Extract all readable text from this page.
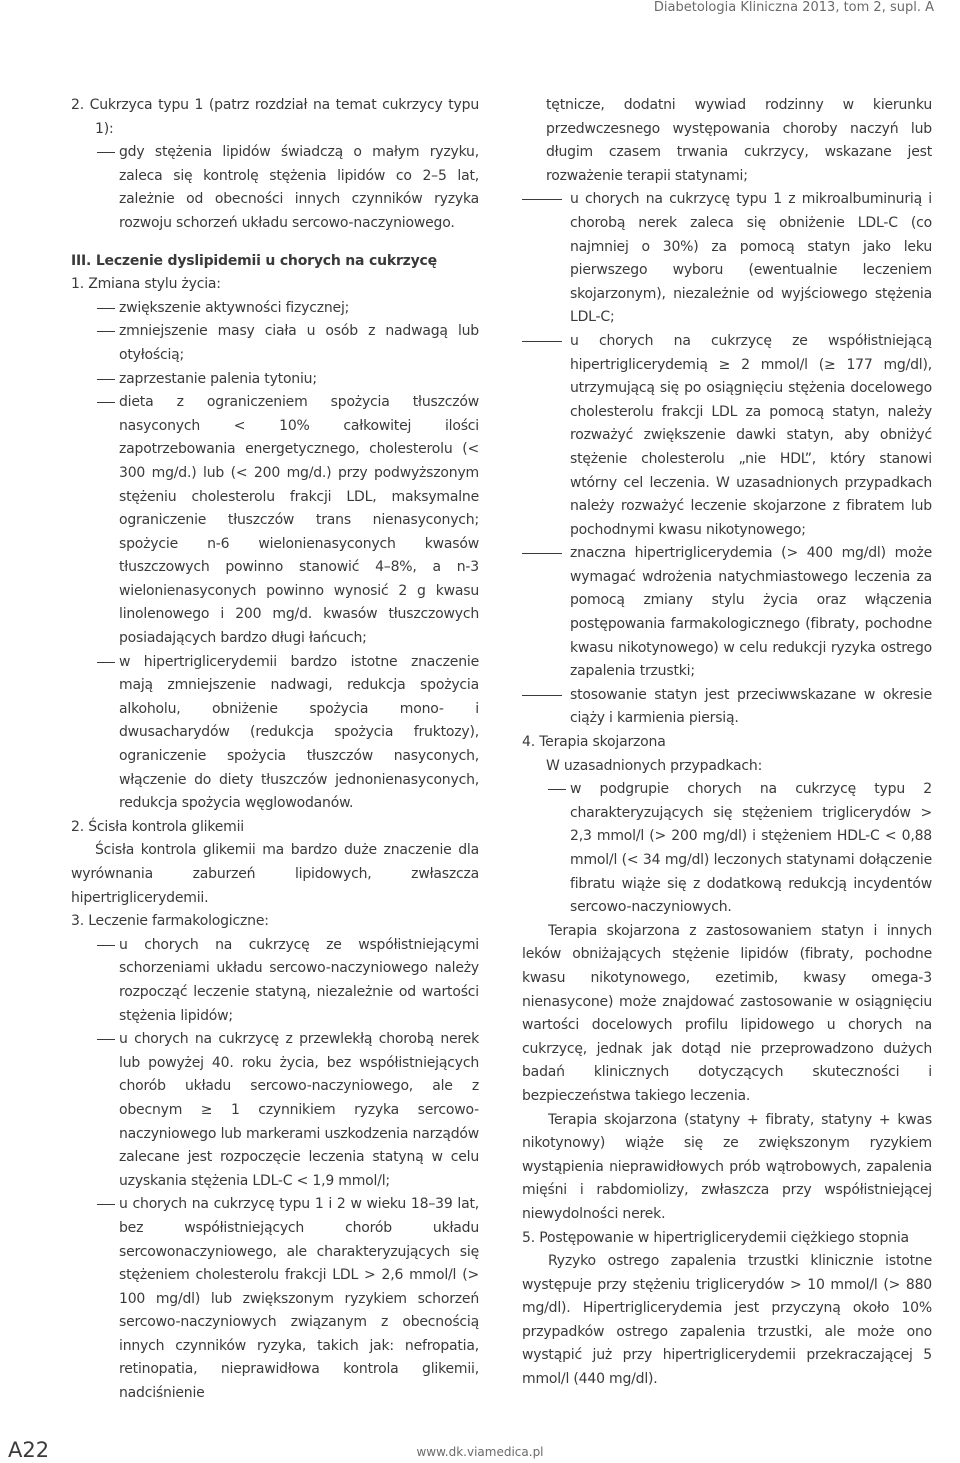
Diabetologia Kliniczna 2013, tom 2, supl. A

2. Cukrzyca typu 1 (patrz rozdział na temat cukrzycy typu 1):

gdy stężenia lipidów świadczą o małym ryzyku, zaleca się kontrolę stężenia lipidów co 2–5 lat, zależnie od obecności innych czynników ryzyka rozwoju schorzeń układu sercowo-naczyniowego.

III. Leczenie dyslipidemii u chorych na cukrzycę

1. Zmiana stylu życia:

zwiększenie aktywności fizycznej;

zmniejszenie masy ciała u osób z nadwagą lub otyłością;

zaprzestanie palenia tytoniu;

dieta z ograniczeniem spożycia tłuszczów nasyconych < 10% całkowitej ilości zapotrzebowania energetycznego, cholesterolu (< 300 mg/d.) lub (< 200 mg/d.) przy podwyższonym stężeniu cholesterolu frakcji LDL, maksymalne ograniczenie tłuszczów trans nienasyconych; spożycie n-6 wielonienasyconych kwasów tłuszczowych powinno stanowić 4–8%, a n-3 wielonienasyconych powinno wynosić 2 g kwasu linolenowego i 200 mg/d. kwasów tłuszczowych posiadających bardzo długi łańcuch;

w hipertriglicerydemii bardzo istotne znaczenie mają zmniejszenie nadwagi, redukcja spożycia alkoholu, obniżenie spożycia mono- i dwusacharydów (redukcja spożycia fruktozy), ograniczenie spożycia tłuszczów nasyconych, włączenie do diety tłuszczów jednonienasyconych, redukcja spożycia węglowodanów.

2. Ścisła kontrola glikemii

Ścisła kontrola glikemii ma bardzo duże znaczenie dla wyrównania zaburzeń lipidowych, zwłaszcza hipertriglicerydemii.

3. Leczenie farmakologiczne:

u chorych na cukrzycę ze współistniejącymi schorzeniami układu sercowo-naczyniowego należy rozpocząć leczenie statyną, niezależnie od wartości stężenia lipidów;

u chorych na cukrzycę z przewlekłą chorobą nerek lub powyżej 40. roku życia, bez współistniejących chorób układu sercowo-naczyniowego, ale z obecnym ≥ 1 czynnikiem ryzyka sercowo-naczyniowego lub markerami uszkodzenia narządów zalecane jest rozpoczęcie leczenia statyną w celu uzyskania stężenia LDL-C < 1,9 mmol/l;

u chorych na cukrzycę typu 1 i 2 w wieku 18–39 lat, bez współistniejących chorób układu sercowonaczyniowego, ale charakteryzujących się stężeniem cholesterolu frakcji LDL > 2,6 mmol/l (> 100 mg/dl) lub zwiększonym ryzykiem schorzeń sercowo-naczyniowych związanym z obecnością innych czynników ryzyka, takich jak: nefropatia, retinopatia, nieprawidłowa kontrola glikemii, nadciśnienie

tętnicze, dodatni wywiad rodzinny w kierunku przedwczesnego występowania choroby naczyń lub długim czasem trwania cukrzycy, wskazane jest rozważenie terapii statynami;

u chorych na cukrzycę typu 1 z mikroalbuminurią i chorobą nerek zaleca się obniżenie LDL-C (co najmniej o 30%) za pomocą statyn jako leku pierwszego wyboru (ewentualnie leczeniem skojarzonym), niezależnie od wyjściowego stężenia LDL-C;

u chorych na cukrzycę ze współistniejącą hipertriglicerydemią ≥ 2 mmol/l (≥ 177 mg/dl), utrzymującą się po osiągnięciu stężenia docelowego cholesterolu frakcji LDL za pomocą statyn, należy rozważyć zwiększenie dawki statyn, aby obniżyć stężenie cholesterolu „nie HDL”, który stanowi wtórny cel leczenia. W uzasadnionych przypadkach należy rozważyć leczenie skojarzone z fibratem lub pochodnymi kwasu nikotynowego;

znaczna hipertriglicerydemia (> 400 mg/dl) może wymagać wdrożenia natychmiastowego leczenia za pomocą zmiany stylu życia oraz włączenia postępowania farmakologicznego (fibraty, pochodne kwasu nikotynowego) w celu redukcji ryzyka ostrego zapalenia trzustki;

stosowanie statyn jest przeciwwskazane w okresie ciąży i karmienia piersią.

4. Terapia skojarzona

W uzasadnionych przypadkach:

w podgrupie chorych na cukrzycę typu 2 charakteryzujących się stężeniem triglicerydów > 2,3 mmol/l (> 200 mg/dl) i stężeniem HDL-C < 0,88 mmol/l (< 34 mg/dl) leczonych statynami dołączenie fibratu wiąże się z dodatkową redukcją incydentów sercowo-naczyniowych.

Terapia skojarzona z zastosowaniem statyn i innych leków obniżających stężenie lipidów (fibraty, pochodne kwasu nikotynowego, ezetimib, kwasy omega-3 nienasycone) może znajdować zastosowanie w osiągnięciu wartości docelowych profilu lipidowego u chorych na cukrzycę, jednak jak dotąd nie przeprowadzono dużych badań klinicznych dotyczących skuteczności i bezpieczeństwa takiego leczenia.

Terapia skojarzona (statyny + fibraty, statyny + kwas nikotynowy) wiąże się ze zwiększonym ryzykiem wystąpienia nieprawidłowych prób wątrobowych, zapalenia mięśni i rabdomiolizy, zwłaszcza przy współistniejącej niewydolności nerek.

5. Postępowanie w hipertriglicerydemii ciężkiego stopnia

Ryzyko ostrego zapalenia trzustki klinicznie istotne występuje przy stężeniu triglicerydów > 10 mmol/l (> 880 mg/dl). Hipertriglicerydemia jest przyczyną około 10% przypadków ostrego zapalenia trzustki, ale może ono wystąpić już przy hipertriglicerydemii przekraczającej 5 mmol/l (440 mg/dl).

A22	www.dk.viamedica.pl
